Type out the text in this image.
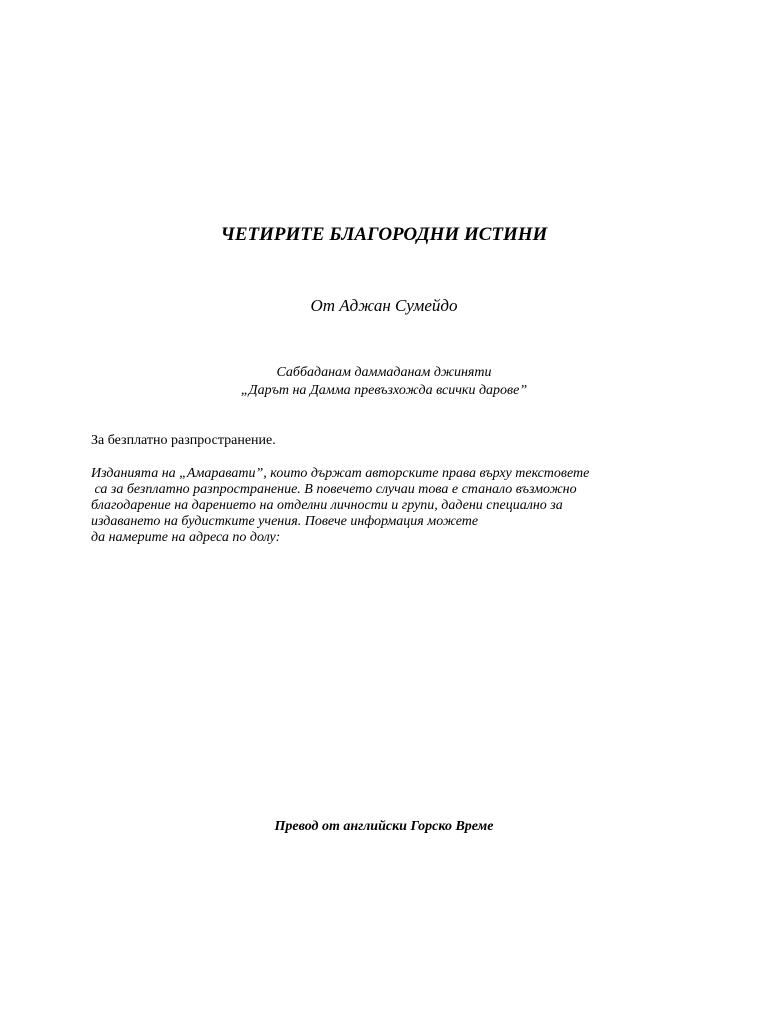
ЧЕТИРИТЕ БЛАГОРОДНИ ИСТИНИ
От Аджан Сумейдо
Саббаданам даммаданам джиняти
„Дарът на Дамма превъзхожда всички дарове”
За безплатно разпространение.
Изданията на „Амаравати”, които държат авторските права върху текстовете
са за безплатно разпространение. В повечето случаи това е станало възможно
благодарение на дарението на отделни личности и групи, дадени специално за
издаването на будистките учения. Повече информация можете
да намерите на адреса по долу:
Превод от английски Горско Време
